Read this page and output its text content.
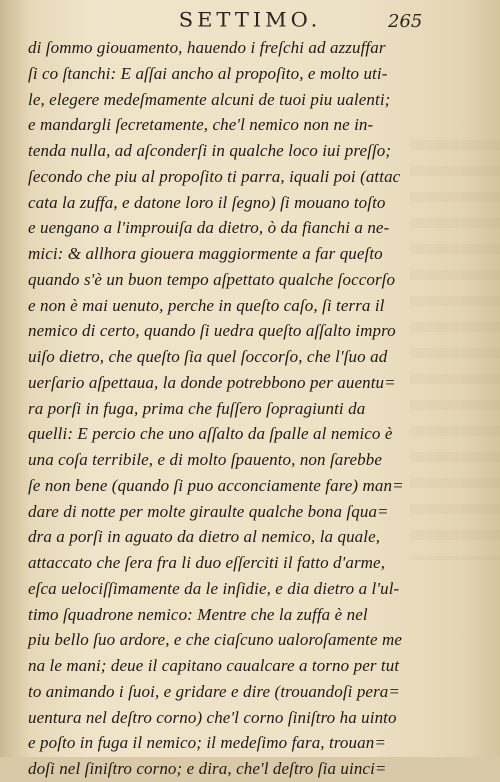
SETTIMO.	265
di ſommo giouamento, hauendo i freſchi ad azzuffar
ſi co ſtanchi: E aſſai ancho al propoſito, e molto uti-
le, elegere medeſmamente alcuni de tuoi piu ualenti;
e mandargli ſecretamente, che'l nemico non ne in-
tenda nulla, ad aſconderſi in qualche loco iui preſſo;
ſecondo che piu al propoſito ti parra, iquali poi (attac
cata la zuffa, e datone loro il ſegno) ſi mouano toſto
e uengano a l'improuiſa da dietro, ò da fianchi a ne-
mici: & allhora giouera maggiormente a far queſto
quando s'è un buon tempo aſpettato qualche ſoccorſo
e non è mai uenuto, perche in queſto caſo, ſi terra il
nemico di certo, quando ſi uedra queſto aſſalto impro
uiſo dietro, che queſto ſia quel ſoccorſo, che l'ſuo ad
uerſario aſpettaua, la donde potrebbono per auentu=
ra porſi in fuga, prima che fuſſero ſopragiunti da
quelli: E percio che uno aſſalto da ſpalle al nemico è
una coſa terribile, e di molto ſpauento, non ſarebbe
ſe non bene (quando ſi puo acconciamente fare) man=
dare di notte per molte giraulte qualche bona ſqua=
dra a porſi in aguato da dietro al nemico, la quale,
attaccato che ſera fra li duo eſſerciti il fatto d'arme,
eſca uelociſſimamente da le inſidie, e dia dietro a l'ul-
timo ſquadrone nemico: Mentre che la zuffa è nel
piu bello ſuo ardore, e che ciaſcuno ualoroſamente me
na le mani; deue il capitano caualcare a torno per tut
to animando i ſuoi, e gridare e dire (trouandoſi pera=
uentura nel deſtro corno) che'l corno ſiniſtro ha uinto
e poſto in fuga il nemico; il medeſimo fara, trouan=
doſi nel ſiniſtro corno; e dira, che'l deſtro ſia uinci=
